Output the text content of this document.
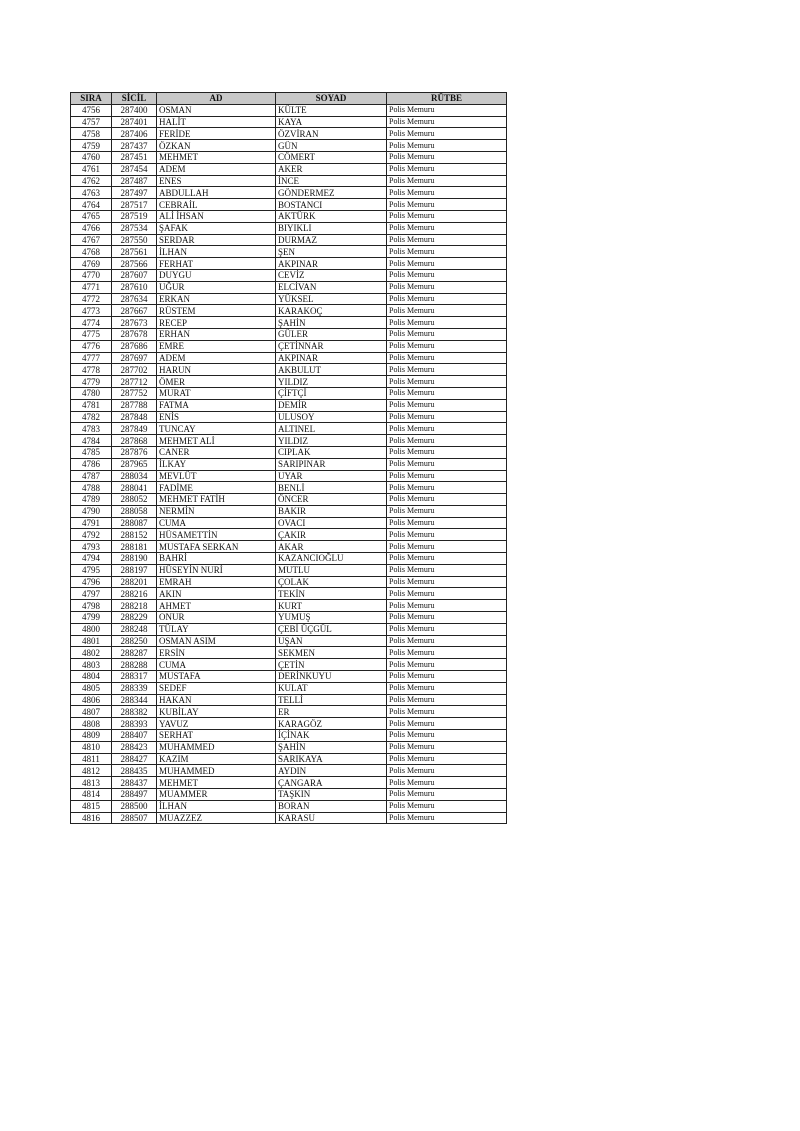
SIRA	SİCİL	AD	SOYAD	RÜTBE
4756	287400	OSMAN	KÜLTE	Polis Memuru
4757	287401	HALİT	KAYA	Polis Memuru
4758	287406	FERİDE	ÖZVİRAN	Polis Memuru
4759	287437	ÖZKAN	GÜN	Polis Memuru
4760	287451	MEHMET	CÖMERT	Polis Memuru
4761	287454	ADEM	AKER	Polis Memuru
4762	287487	ENES	İNCE	Polis Memuru
4763	287497	ABDULLAH	GÖNDERMEZ	Polis Memuru
4764	287517	CEBRAİL	BOSTANCI	Polis Memuru
4765	287519	ALİ İHSAN	AKTÜRK	Polis Memuru
4766	287534	ŞAFAK	BIYIKLI	Polis Memuru
4767	287550	SERDAR	DURMAZ	Polis Memuru
4768	287561	İLHAN	ŞEN	Polis Memuru
4769	287566	FERHAT	AKPINAR	Polis Memuru
4770	287607	DUYGU	CEVİZ	Polis Memuru
4771	287610	UĞUR	ELCİVAN	Polis Memuru
4772	287634	ERKAN	YÜKSEL	Polis Memuru
4773	287667	RÜSTEM	KARAKOÇ	Polis Memuru
4774	287673	RECEP	ŞAHİN	Polis Memuru
4775	287678	ERHAN	GÜLER	Polis Memuru
4776	287686	EMRE	ÇETİNNAR	Polis Memuru
4777	287697	ADEM	AKPINAR	Polis Memuru
4778	287702	HARUN	AKBULUT	Polis Memuru
4779	287712	ÖMER	YILDIZ	Polis Memuru
4780	287752	MURAT	ÇİFTÇİ	Polis Memuru
4781	287788	FATMA	DEMİR	Polis Memuru
4782	287848	ENİS	ULUSOY	Polis Memuru
4783	287849	TUNCAY	ALTINEL	Polis Memuru
4784	287868	MEHMET ALİ	YILDIZ	Polis Memuru
4785	287876	CANER	CIPLAK	Polis Memuru
4786	287965	İLKAY	SARIPINAR	Polis Memuru
4787	288034	MEVLÜT	UYAR	Polis Memuru
4788	288041	FADİME	BENLİ	Polis Memuru
4789	288052	MEHMET FATİH	ÖNCER	Polis Memuru
4790	288058	NERMİN	BAKIR	Polis Memuru
4791	288087	CUMA	OVACI	Polis Memuru
4792	288152	HÜSAMETTİN	ÇAKIR	Polis Memuru
4793	288181	MUSTAFA SERKAN	AKAR	Polis Memuru
4794	288190	BAHRİ	KAZANCIOĞLU	Polis Memuru
4795	288197	HÜSEYİN NURİ	MUTLU	Polis Memuru
4796	288201	EMRAH	ÇOLAK	Polis Memuru
4797	288216	AKIN	TEKİN	Polis Memuru
4798	288218	AHMET	KURT	Polis Memuru
4799	288229	ONUR	YUMUŞ	Polis Memuru
4800	288248	TÜLAY	ÇEBİ ÜÇGÜL	Polis Memuru
4801	288250	OSMAN ASIM	UŞAN	Polis Memuru
4802	288287	ERSİN	SEKMEN	Polis Memuru
4803	288288	CUMA	ÇETİN	Polis Memuru
4804	288317	MUSTAFA	DERİNKUYU	Polis Memuru
4805	288339	SEDEF	KULAT	Polis Memuru
4806	288344	HAKAN	TELLİ	Polis Memuru
4807	288382	KUBİLAY	ER	Polis Memuru
4808	288393	YAVUZ	KARAGÖZ	Polis Memuru
4809	288407	SERHAT	İÇİNAK	Polis Memuru
4810	288423	MUHAMMED	ŞAHİN	Polis Memuru
4811	288427	KAZIM	SARIKAYA	Polis Memuru
4812	288435	MUHAMMED	AYDIN	Polis Memuru
4813	288437	MEHMET	ÇANGARA	Polis Memuru
4814	288497	MUAMMER	TAŞKIN	Polis Memuru
4815	288500	İLHAN	BORAN	Polis Memuru
4816	288507	MUAZZEZ	KARASU	Polis Memuru
